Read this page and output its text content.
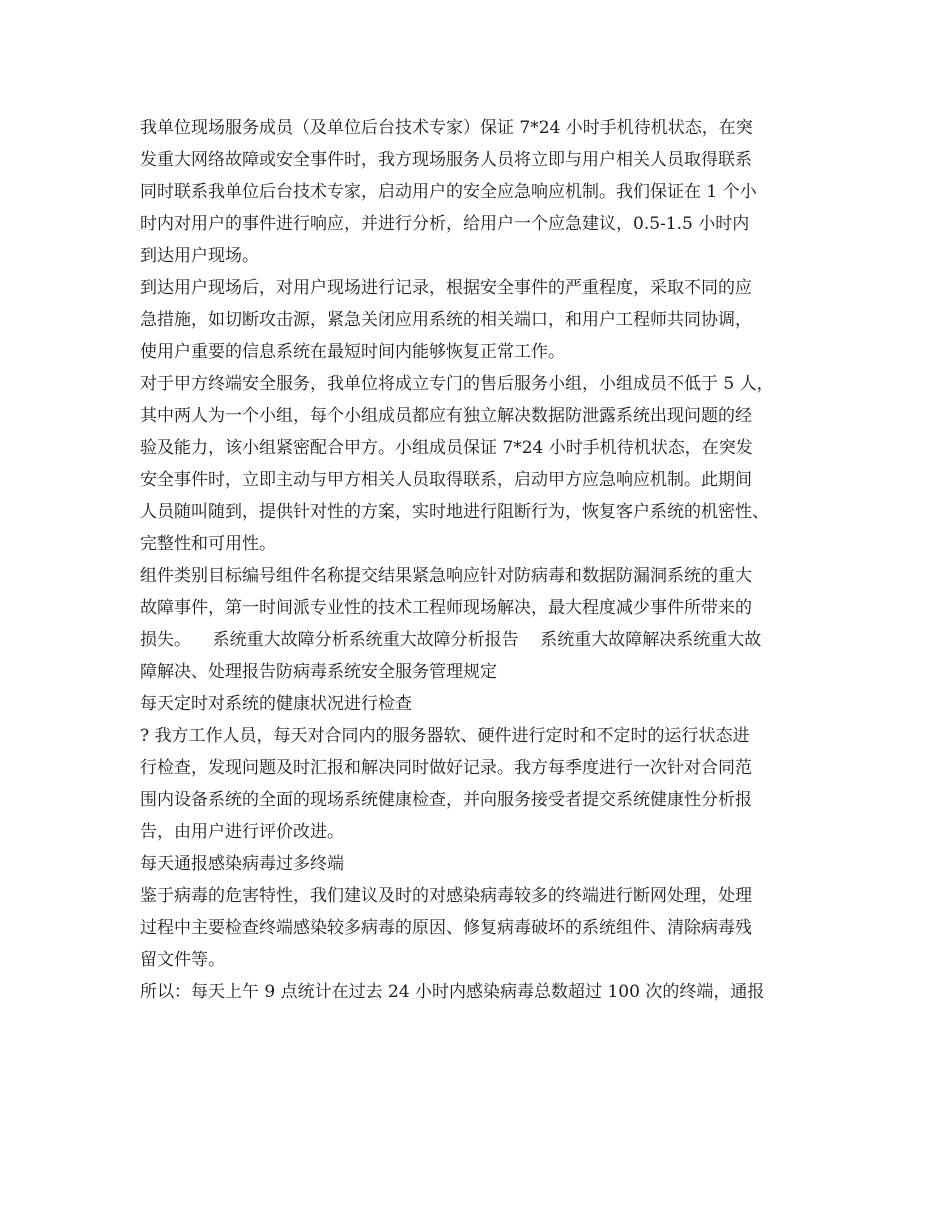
我单位现场服务成员（及单位后台技术专家）保证 7*24 小时手机待机状态，在突
发重大网络故障或安全事件时，我方现场服务人员将立即与用户相关人员取得联系
同时联系我单位后台技术专家，启动用户的安全应急响应机制。我们保证在 1 个小
时内对用户的事件进行响应，并进行分析，给用户一个应急建议，0.5-1.5 小时内
到达用户现场。
到达用户现场后，对用户现场进行记录，根据安全事件的严重程度，采取不同的应
急措施，如切断攻击源，紧急关闭应用系统的相关端口，和用户工程师共同协调，
使用户重要的信息系统在最短时间内能够恢复正常工作。
对于甲方终端安全服务，我单位将成立专门的售后服务小组，小组成员不低于 5 人，
其中两人为一个小组，每个小组成员都应有独立解决数据防泄露系统出现问题的经
验及能力，该小组紧密配合甲方。小组成员保证 7*24 小时手机待机状态，在突发
安全事件时，立即主动与甲方相关人员取得联系，启动甲方应急响应机制。此期间
人员随叫随到，提供针对性的方案，实时地进行阻断行为，恢复客户系统的机密性、
完整性和可用性。
组件类别目标编号组件名称提交结果紧急响应针对防病毒和数据防漏洞系统的重大
故障事件，第一时间派专业性的技术工程师现场解决，最大程度减少事件所带来的
损失。    系统重大故障分析系统重大故障分析报告    系统重大故障解决系统重大故
障解决、处理报告防病毒系统安全服务管理规定
每天定时对系统的健康状况进行检查
? 我方工作人员，每天对合同内的服务器软、硬件进行定时和不定时的运行状态进
行检查，发现问题及时汇报和解决同时做好记录。我方每季度进行一次针对合同范
围内设备系统的全面的现场系统健康检查，并向服务接受者提交系统健康性分析报
告，由用户进行评价改进。
每天通报感染病毒过多终端
鉴于病毒的危害特性，我们建议及时的对感染病毒较多的终端进行断网处理，处理
过程中主要检查终端感染较多病毒的原因、修复病毒破坏的系统组件、清除病毒残
留文件等。
所以：每天上午 9 点统计在过去 24 小时内感染病毒总数超过 100 次的终端，通报
